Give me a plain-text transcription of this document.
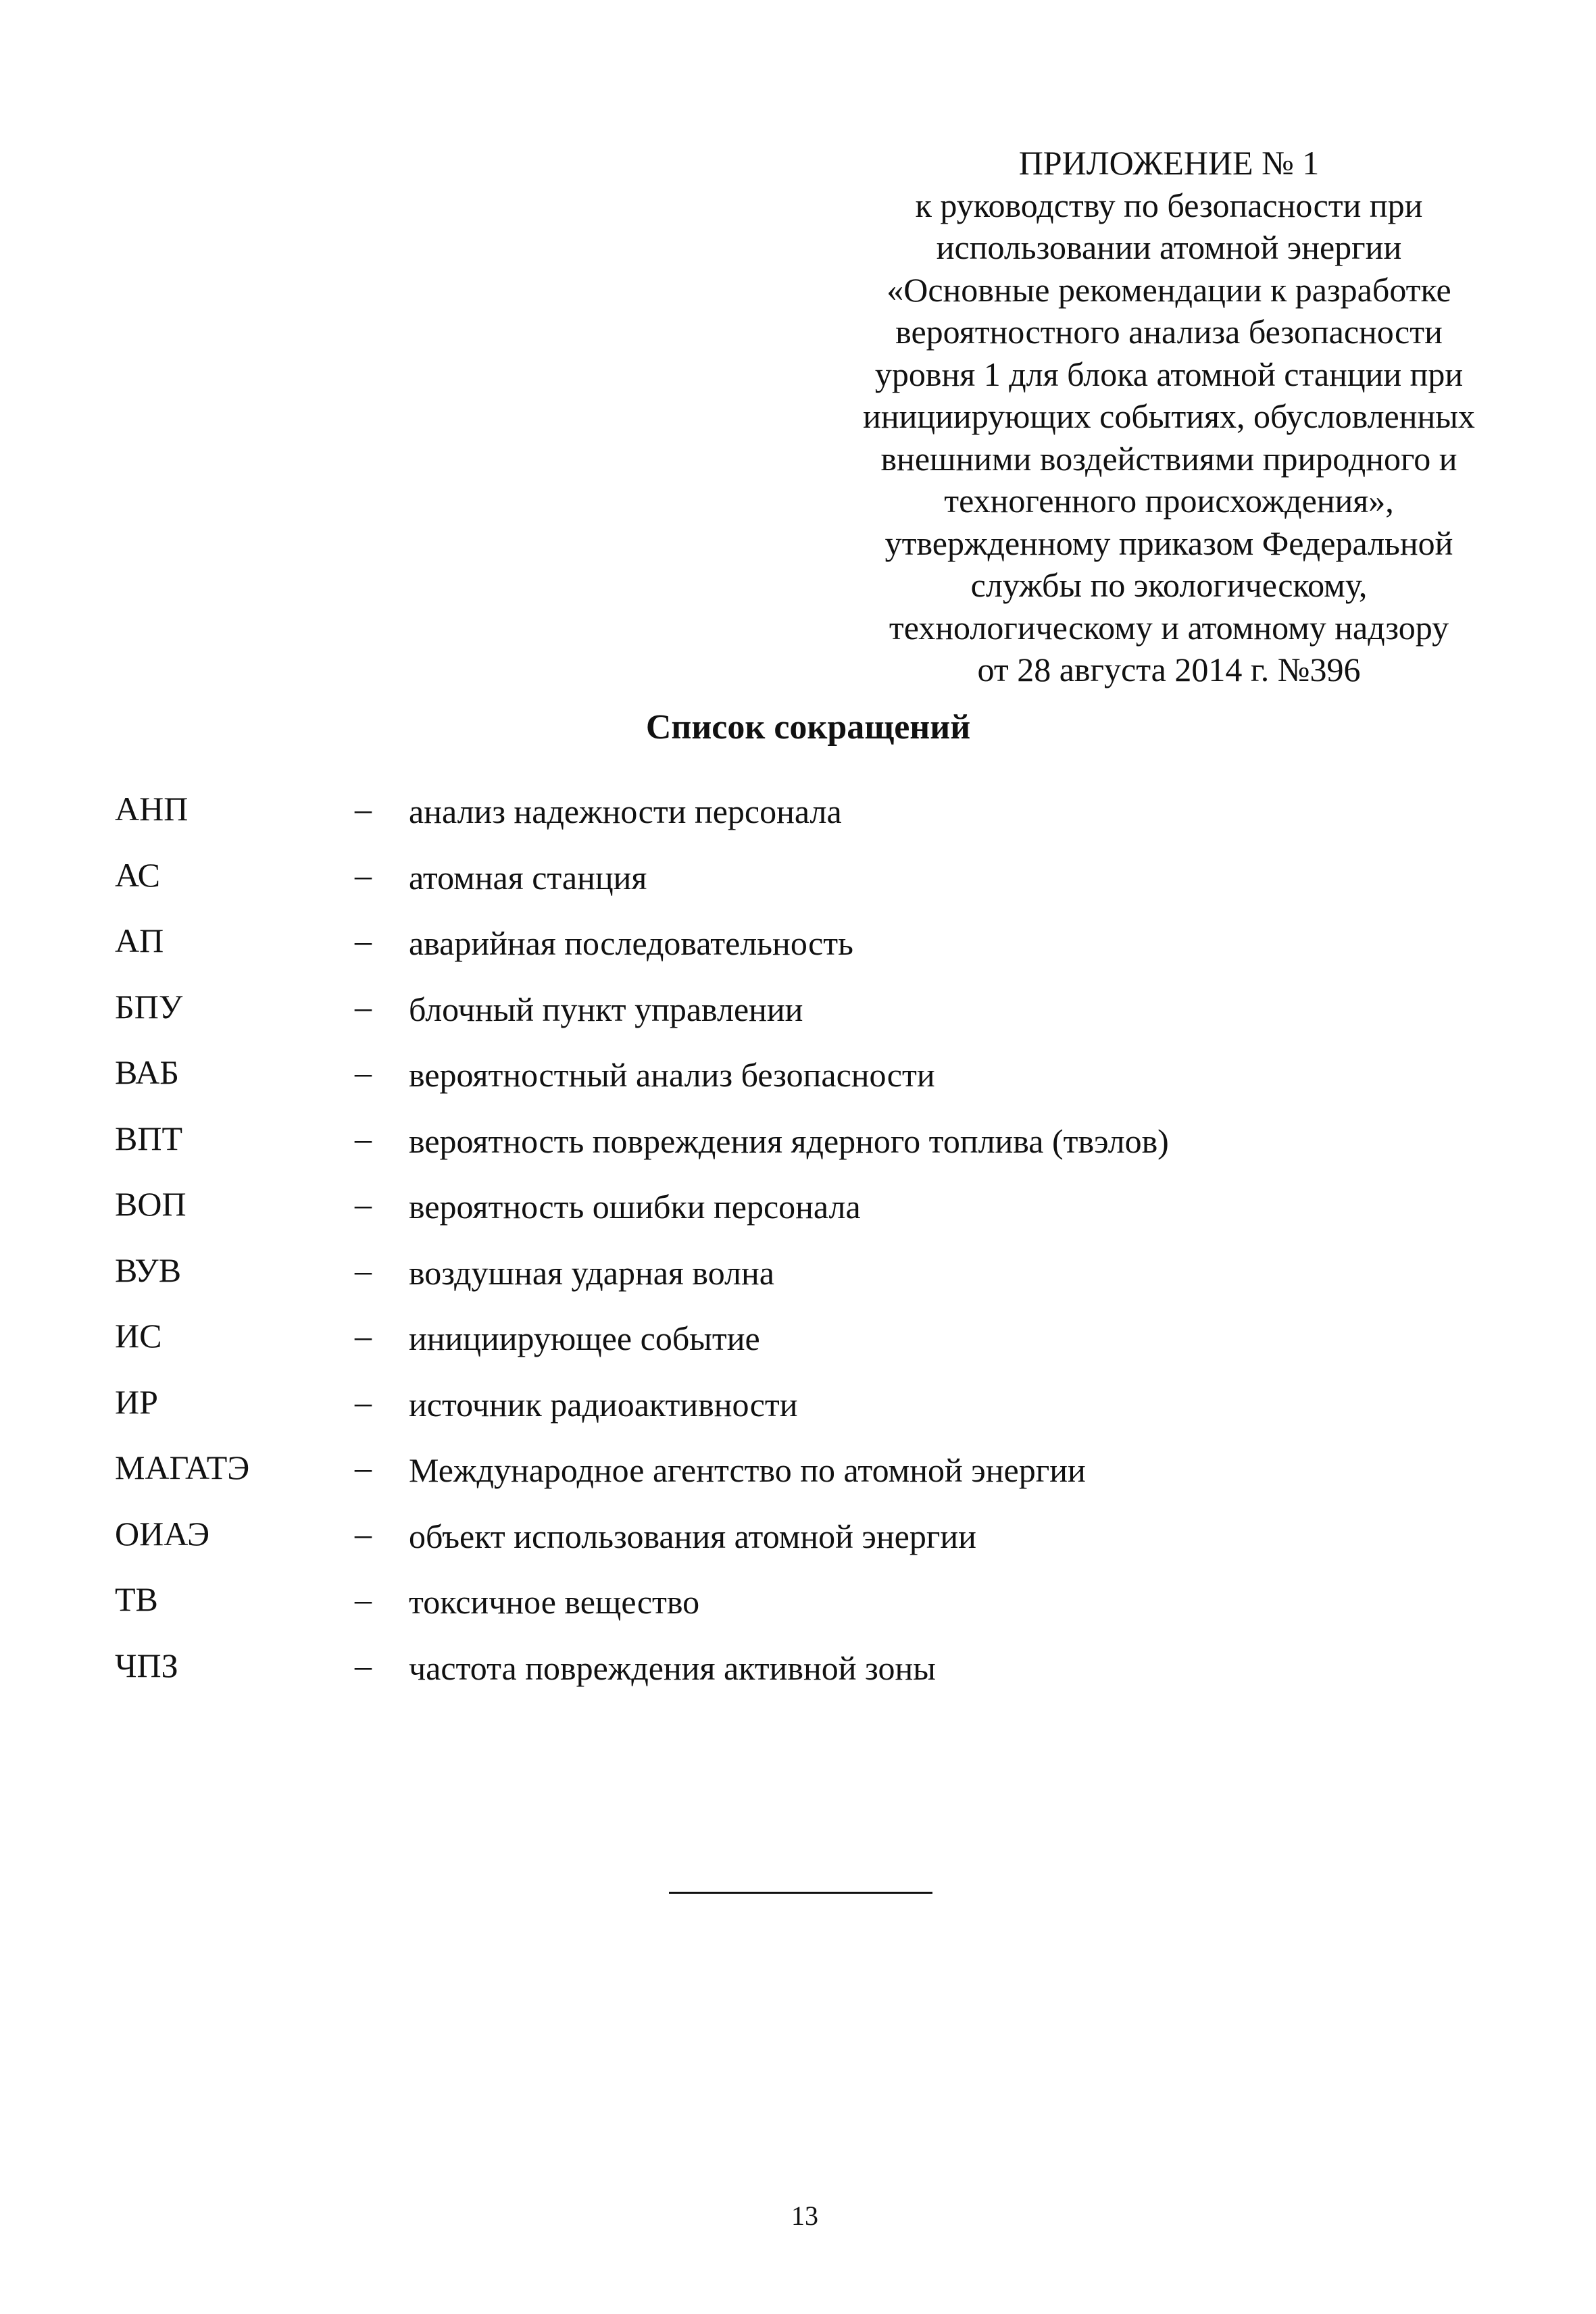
ПРИЛОЖЕНИЕ № 1
к руководству по безопасности при
использовании атомной энергии
«Основные рекомендации к разработке
вероятностного анализа безопасности
уровня 1 для блока атомной станции при
инициирующих событиях, обусловленных
внешними воздействиями природного и
техногенного происхождения»,
утвержденному приказом Федеральной
службы по экологическому,
технологическому и атомному надзору
от 28 августа 2014 г. №396
Список сокращений
АНП	– анализ надежности персонала
АС	– атомная станция
АП	– аварийная последовательность
БПУ	– блочный пункт управлении
ВАБ	– вероятностный анализ безопасности
ВПТ	– вероятность повреждения ядерного топлива (твэлов)
ВОП	– вероятность ошибки персонала
ВУВ	– воздушная ударная волна
ИС	– инициирующее событие
ИР	– источник радиоактивности
МАГАТЭ	– Международное агентство по атомной энергии
ОИАЭ	– объект использования атомной энергии
ТВ	– токсичное вещество
ЧПЗ	– частота повреждения активной зоны
13
